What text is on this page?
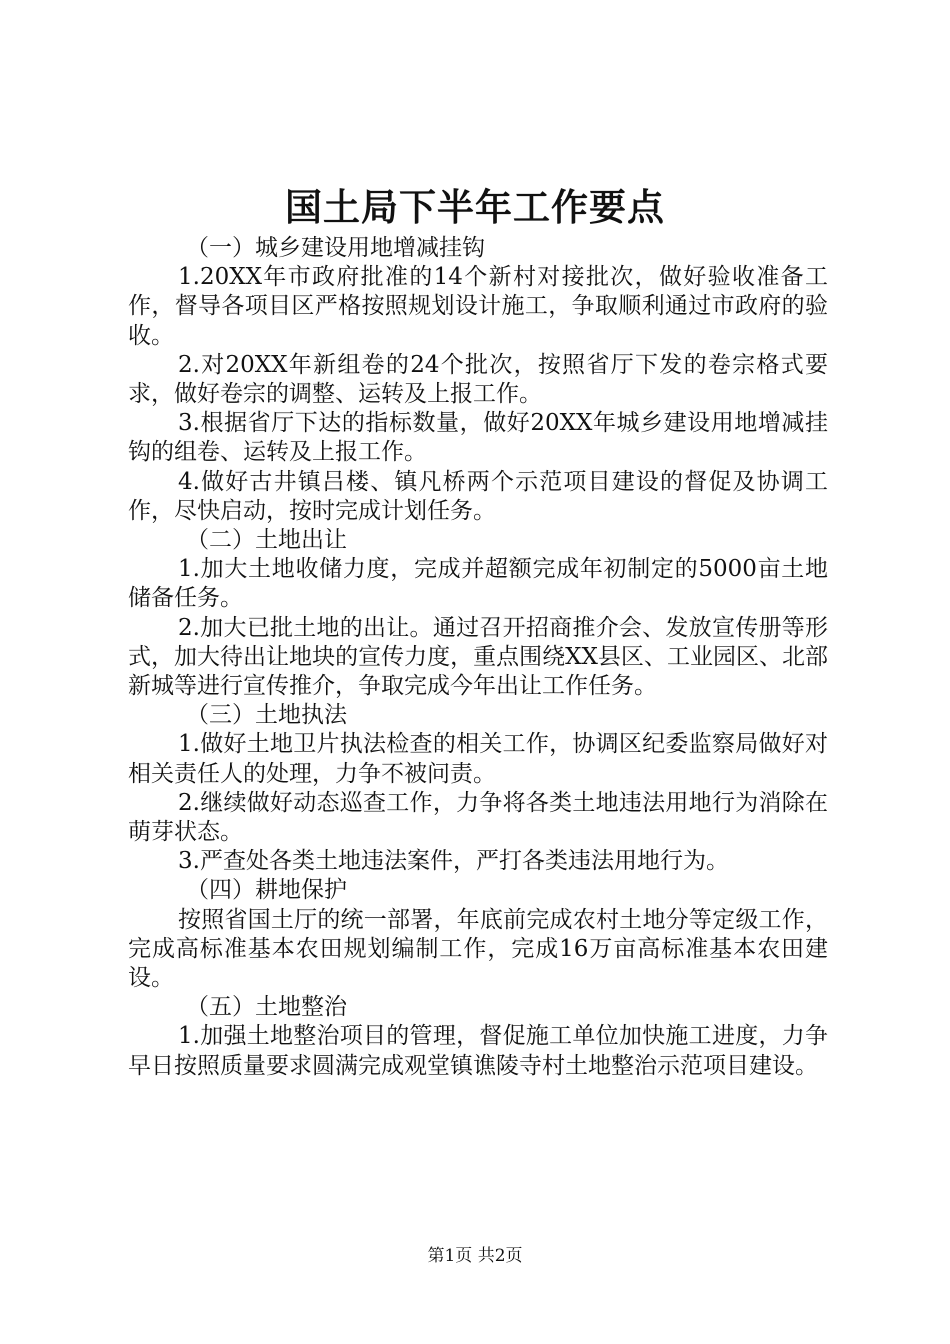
国土局下半年工作要点

（一）城乡建设用地增减挂钩

1.20XX年市政府批准的14个新村对接批次，做好验收准备工作，督导各项目区严格按照规划设计施工，争取顺利通过市政府的验收。

2.对20XX年新组卷的24个批次，按照省厅下发的卷宗格式要求，做好卷宗的调整、运转及上报工作。

3.根据省厅下达的指标数量，做好20XX年城乡建设用地增减挂钩的组卷、运转及上报工作。

4.做好古井镇吕楼、镇凡桥两个示范项目建设的督促及协调工作，尽快启动，按时完成计划任务。

（二）土地出让

1.加大土地收储力度，完成并超额完成年初制定的5000亩土地储备任务。

2.加大已批土地的出让。通过召开招商推介会、发放宣传册等形式，加大待出让地块的宣传力度，重点围绕XX县区、工业园区、北部新城等进行宣传推介，争取完成今年出让工作任务。

（三）土地执法

1.做好土地卫片执法检查的相关工作，协调区纪委监察局做好对相关责任人的处理，力争不被问责。

2.继续做好动态巡查工作，力争将各类土地违法用地行为消除在萌芽状态。

3.严查处各类土地违法案件，严打各类违法用地行为。

（四）耕地保护

按照省国土厅的统一部署，年底前完成农村土地分等定级工作，完成高标准基本农田规划编制工作，完成16万亩高标准基本农田建设。

（五）土地整治

1.加强土地整治项目的管理，督促施工单位加快施工进度，力争早日按照质量要求圆满完成观堂镇谯陵寺村土地整治示范项目建设。

第1页 共2页
